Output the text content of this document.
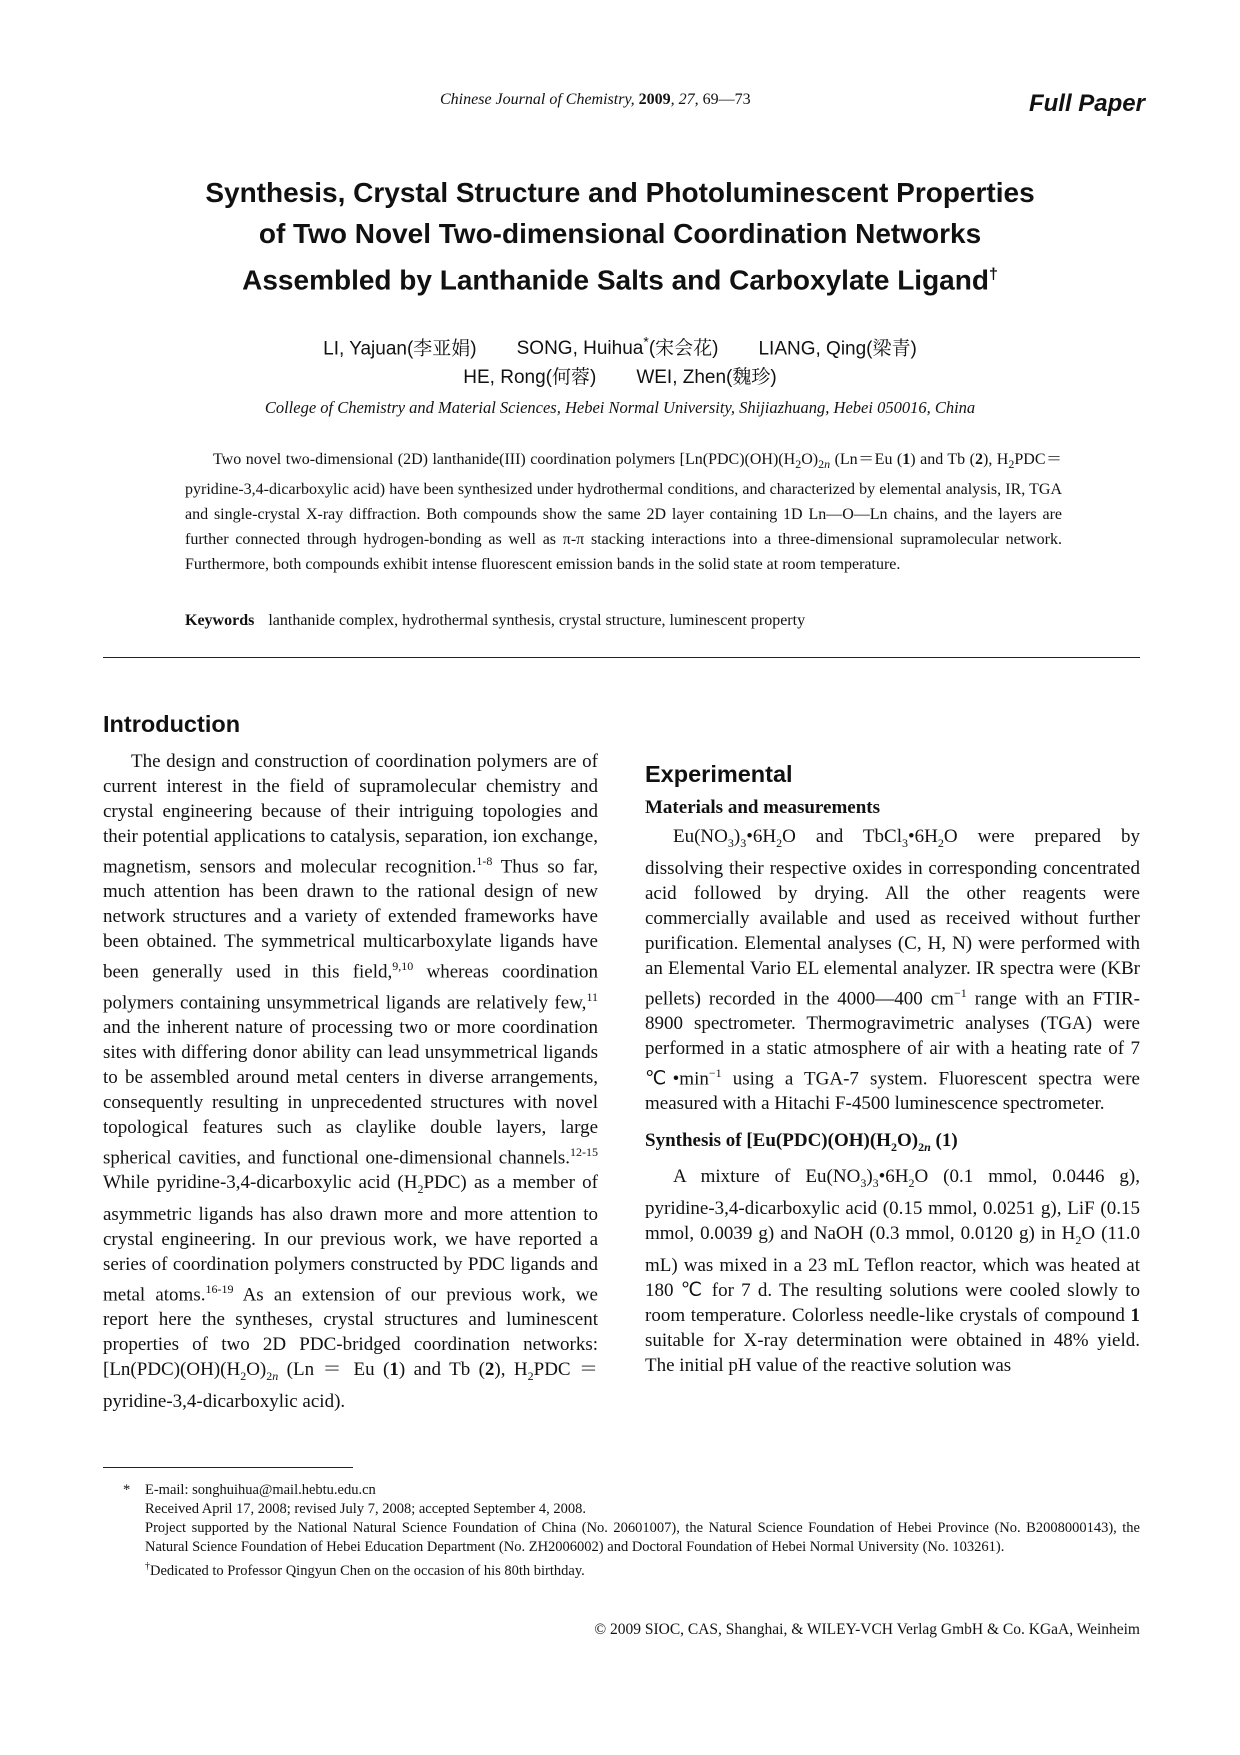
Chinese Journal of Chemistry, 2009, 27, 69—73	Full Paper
Synthesis, Crystal Structure and Photoluminescent Properties
of Two Novel Two-dimensional Coordination Networks
Assembled by Lanthanide Salts and Carboxylate Ligand†
LI, Yajuan(李亚娟) SONG, Huihua*(宋会花) LIANG, Qing(梁青)
HE, Rong(何蓉) WEI, Zhen(魏珍)
College of Chemistry and Material Sciences, Hebei Normal University, Shijiazhuang, Hebei 050016, China
Two novel two-dimensional (2D) lanthanide(III) coordination polymers [$Ln(PDC)(OH)(H_2O)_{2n}$ (Ln＝Eu (1) and Tb (2), $H_2PDC=pyridine-3,4$-dicarboxylic acid) have been synthesized under hydrothermal conditions, and characterized by elemental analysis, IR, TGA and single-crystal X-ray diffraction. Both compounds show the same 2D layer containing 1D Ln—O—Ln chains, and the layers are further connected through hydrogen-bonding as well as π-π stacking interactions into a three-dimensional supramolecular network. Furthermore, both compounds exhibit intense fluorescent emission bands in the solid state at room temperature.
Keywords lanthanide complex, hydrothermal synthesis, crystal structure, luminescent property
Introduction

The design and construction of coordination polymers are of current interest in the field of supramolecular chemistry and crystal engineering because of their intriguing topologies and their potential applications to catalysis, separation, ion exchange, magnetism, sensors and molecular recognition.$^{1-8}$ Thus so far, much attention has been drawn to the rational design of new network structures and a variety of extended frameworks have been obtained. The symmetrical multicarboxylate ligands have been generally used in this field,$^{9,10}$ whereas coordination polymers containing unsymmetrical ligands are relatively few,$^{11}$ and the inherent nature of processing two or more coordination sites with differing donor ability can lead unsymmetrical ligands to be assembled around metal centers in diverse arrangements, consequently resulting in unprecedented structures with novel topological features such as claylike double layers, large spherical cavities, and functional one-dimensional channels.$^{12-15}$ While pyridine-3,4-dicarboxylic acid $(H_2PDC)$ as a member of asymmetric ligands has also drawn more and more attention to crystal engineering. In our previous work, we have reported a series of coordination polymers constructed by PDC ligands and metal atoms.$^{16-19}$ As an extension of our previous work, we report here the syntheses, crystal structures and luminescent properties of two 2D PDC-bridged coordination networks: [$Ln(PDC)(OH)(H_2O)_{2n}$ (Ln ＝ Eu (1) and Tb (2), $H_2PDC$ ＝ pyridine-3,4-dicarboxylic acid).

Experimental
Materials and measurements

$Eu(NO_3)_3•6H_2O$ and $TbCl_3•6H_2O$ were prepared by dissolving their respective oxides in corresponding concentrated acid followed by drying. All the other reagents were commercially available and used as received without further purification. Elemental analyses (C, H, N) were performed with an Elemental Vario EL elemental analyzer. IR spectra were (KBr pellets) recorded in the 4000—400 $cm^{-1}$ range with an FTIR-8900 spectrometer. Thermogravimetric analyses (TGA) were performed in a static atmosphere of air with a heating rate of 7 $℃•\min^{-1}$ using a TGA-7 system. Fluorescent spectra were measured with a Hitachi F-4500 luminescence spectrometer.

Synthesis of [$Eu(PDC)(OH)(H_2O)_{2n}$ (1)

A mixture of $Eu(NO_3)_3•6H_2O$ (0.1 mmol, 0.0446 g), pyridine-3,4-dicarboxylic acid (0.15 mmol, 0.0251 g), LiF (0.15 mmol, 0.0039 g) and NaOH (0.3 mmol, 0.0120 g) in $H_2O$ (11.0 mL) was mixed in a 23 mL Teflon reactor, which was heated at 180 ℃ for 7 d. The resulting solutions were cooled slowly to room temperature. Colorless needle-like crystals of compound 1 suitable for X-ray determination were obtained in 48% yield. The initial pH value of the reactive solution was

* E-mail: songhuihua@mail.hebtu.edu.cn
Received April 17, 2008; revised July 7, 2008; accepted September 4, 2008.
Project supported by the National Natural Science Foundation of China (No. 20601007), the Natural Science Foundation of Hebei Province (No. B2008000143), the Natural Science Foundation of Hebei Education Department (No. ZH2006002) and Doctoral Foundation of Hebei Normal University (No. 103261).
†Dedicated to Professor Qingyun Chen on the occasion of his 80th birthday.
© 2009 SIOC, CAS, Shanghai, & WILEY-VCH Verlag GmbH & Co. KGaA, Weinheim
